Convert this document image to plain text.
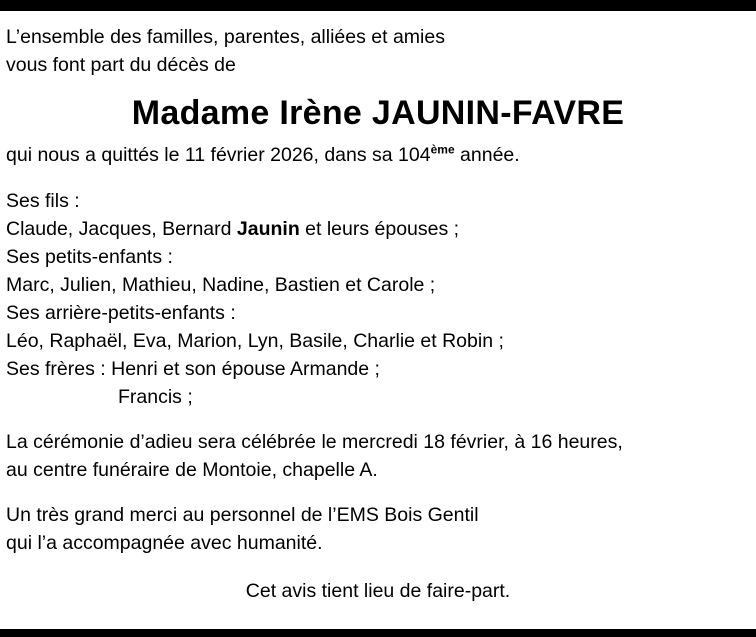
L’ensemble des familles, parentes, alliées et amies
vous font part du décès de
Madame Irène JAUNIN-FAVRE
qui nous a quittés le 11 février 2026, dans sa 104ème année.
Ses fils :
Claude, Jacques, Bernard Jaunin et leurs épouses ;
Ses petits-enfants :
Marc, Julien, Mathieu, Nadine, Bastien et Carole ;
Ses arrière-petits-enfants :
Léo, Raphaël, Eva, Marion, Lyn, Basile, Charlie et Robin ;
Ses frères : Henri et son épouse Armande ;
Francis ;
La cérémonie d’adieu sera célébrée le mercredi 18 février, à 16 heures,
au centre funéraire de Montoie, chapelle A.
Un très grand merci au personnel de l’EMS Bois Gentil
qui l’a accompagnée avec humanité.
Cet avis tient lieu de faire-part.
